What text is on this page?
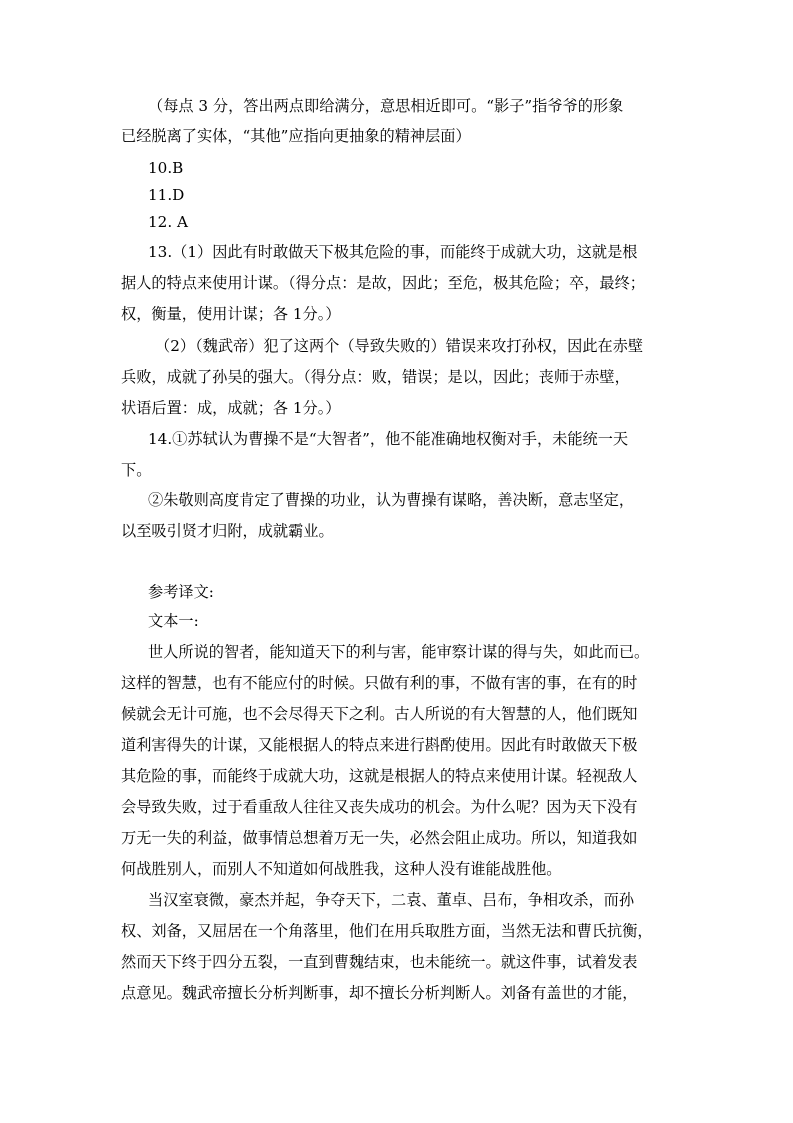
（每点 3 分，答出两点即给满分，意思相近即可。“影子”指爷爷的形象
已经脱离了实体，“其他”应指向更抽象的精神层面）
10.B
11.D
12. A
13.（1）因此有时敢做天下极其危险的事，而能终于成就大功，这就是根
据人的特点来使用计谋。（得分点：是故，因此；至危，极其危险；卒，最终；
权，衡量，使用计谋；各 1分。）
（2）（魏武帝）犯了这两个（导致失败的）错误来攻打孙权，因此在赤壁
兵败，成就了孙吴的强大。（得分点：败，错误；是以，因此；丧师于赤壁，
状语后置：成，成就；各 1分。）
14.①苏轼认为曹操不是“大智者”，他不能准确地权衡对手，未能统一天
下。
②朱敬则高度肯定了曹操的功业，认为曹操有谋略，善决断，意志坚定，
以至吸引贤才归附，成就霸业。
参考译文:
文本一:
世人所说的智者，能知道天下的利与害，能审察计谋的得与失，如此而已。
这样的智慧，也有不能应付的时候。只做有利的事，不做有害的事，在有的时
候就会无计可施，也不会尽得天下之利。古人所说的有大智慧的人，他们既知
道利害得失的计谋，又能根据人的特点来进行斟酌使用。因此有时敢做天下极
其危险的事，而能终于成就大功，这就是根据人的特点来使用计谋。轻视敌人
会导致失败，过于看重敌人往往又丧失成功的机会。为什么呢？因为天下没有
万无一失的利益，做事情总想着万无一失，必然会阻止成功。所以，知道我如
何战胜别人，而别人不知道如何战胜我，这种人没有谁能战胜他。
当汉室衰微，豪杰并起，争夺天下，二袁、董卓、吕布，争相攻杀，而孙
权、刘备，又屈居在一个角落里，他们在用兵取胜方面，当然无法和曹氏抗衡，
然而天下终于四分五裂，一直到曹魏结束，也未能统一。就这件事，试着发表
点意见。魏武帝擅长分析判断事，却不擅长分析判断人。刘备有盖世的才能，
